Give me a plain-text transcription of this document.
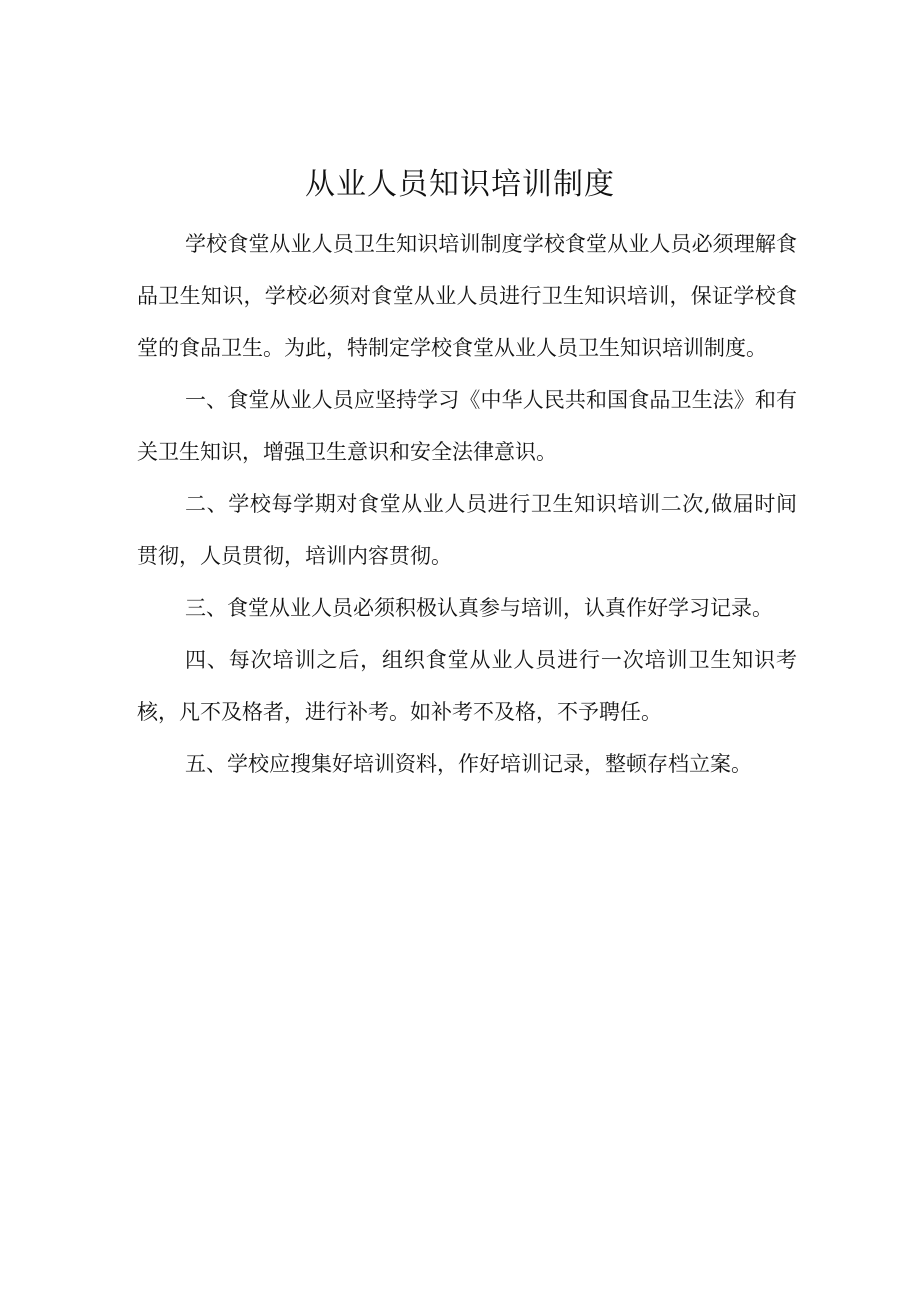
从业人员知识培训制度

学校食堂从业人员卫生知识培训制度学校食堂从业人员必须理解食品卫生知识，学校必须对食堂从业人员进行卫生知识培训，保证学校食堂的食品卫生。为此，特制定学校食堂从业人员卫生知识培训制度。

一、食堂从业人员应坚持学习《中华人民共和国食品卫生法》和有关卫生知识，增强卫生意识和安全法律意识。

二、学校每学期对食堂从业人员进行卫生知识培训二次,做届时间贯彻，人员贯彻，培训内容贯彻。

三、食堂从业人员必须积极认真参与培训，认真作好学习记录。

四、每次培训之后，组织食堂从业人员进行一次培训卫生知识考核，凡不及格者，进行补考。如补考不及格，不予聘任。

五、学校应搜集好培训资料，作好培训记录，整顿存档立案。
